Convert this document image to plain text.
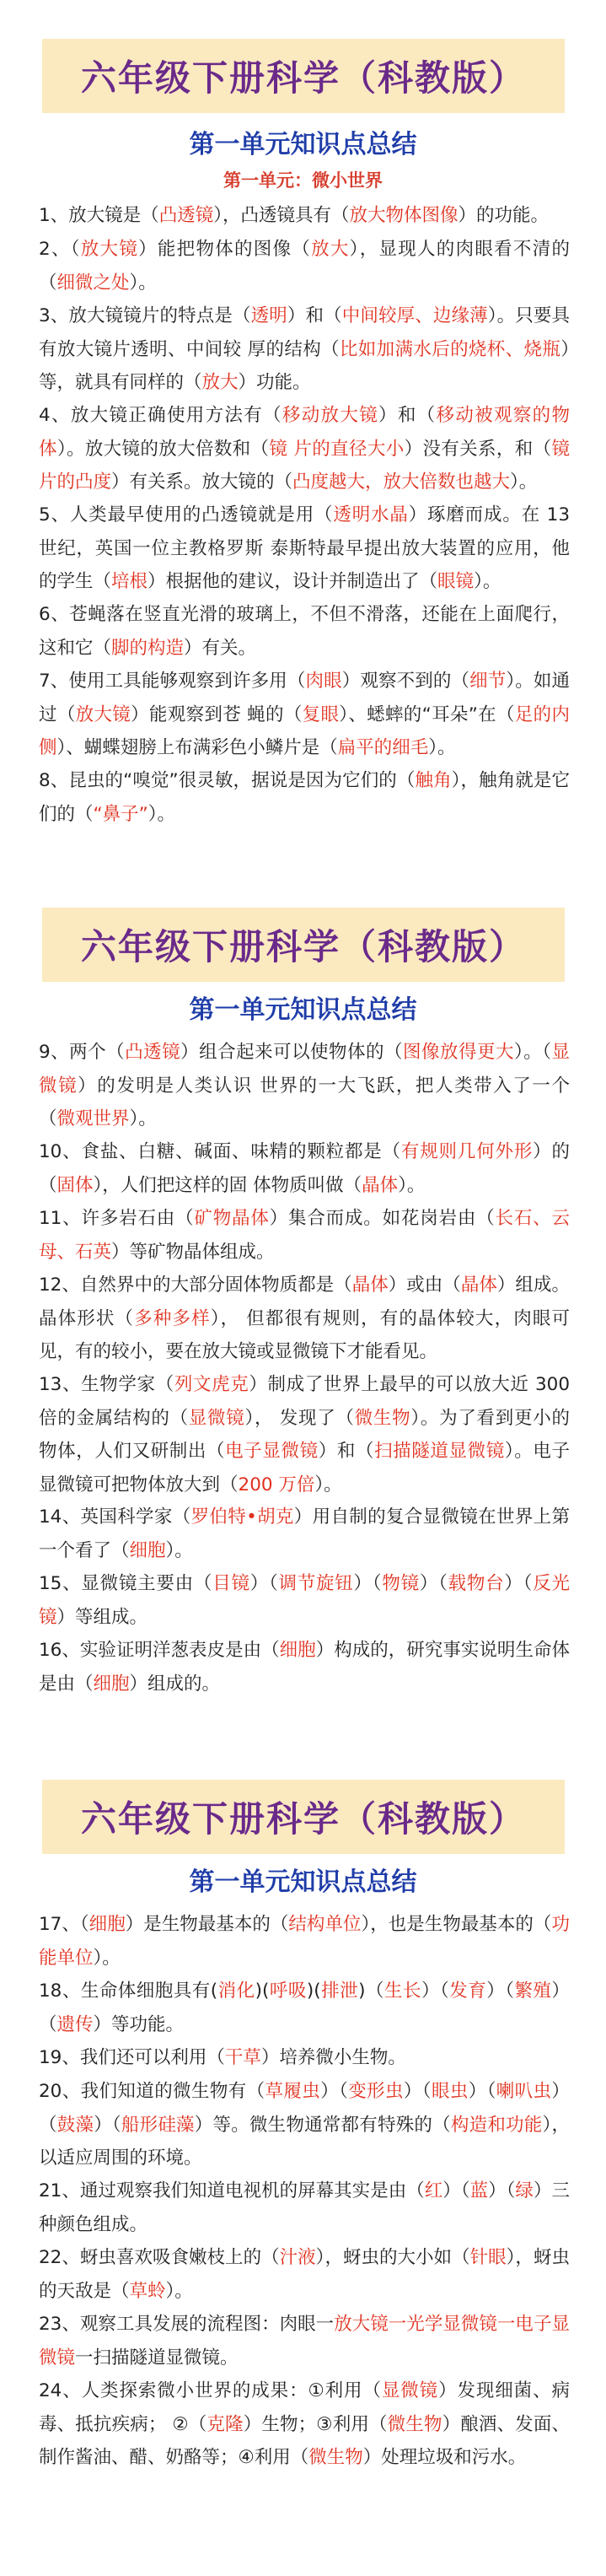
六年级下册科学（科教版）
第一单元知识点总结
第一单元：微小世界

1、放大镜是（凸透镜），凸透镜具有（放大物体图像）的功能。

2、（放大镜）能把物体的图像（放大），显现人的肉眼看不清的（细微之处）。

3、放大镜镜片的特点是（透明）和（中间较厚、边缘薄）。只要具有放大镜片透明、中间较 厚的结构（比如加满水后的烧杯、烧瓶）等，就具有同样的（放大）功能。

4、放大镜正确使用方法有（移动放大镜）和（移动被观察的物体）。放大镜的放大倍数和（镜 片的直径大小）没有关系，和（镜片的凸度）有关系。放大镜的（凸度越大，放大倍数也越大）。

5、人类最早使用的凸透镜就是用（透明水晶）琢磨而成。在 13 世纪，英国一位主教格罗斯 泰斯特最早提出放大装置的应用，他的学生（培根）根据他的建议，设计并制造出了（眼镜）。

6、苍蝇落在竖直光滑的玻璃上，不但不滑落，还能在上面爬行，这和它（脚的构造）有关。

7、使用工具能够观察到许多用（肉眼）观察不到的（细节）。如通过（放大镜）能观察到苍 蝇的（复眼）、蟋蟀的“耳朵”在（足的内侧）、蝴蝶翅膀上布满彩色小鳞片是（扁平的细毛）。

8、昆虫的“嗅觉”很灵敏，据说是因为它们的（触角），触角就是它们的（“鼻子”）。

六年级下册科学（科教版）
第一单元知识点总结

9、两个（凸透镜）组合起来可以使物体的（图像放得更大）。（显微镜）的发明是人类认识 世界的一大飞跃，把人类带入了一个（微观世界）。

10、食盐、白糖、碱面、味精的颗粒都是（有规则几何外形）的（固体），人们把这样的固 体物质叫做（晶体）。

11、许多岩石由（矿物晶体）集合而成。如花岗岩由（长石、云母、石英）等矿物晶体组成。

12、自然界中的大部分固体物质都是（晶体）或由（晶体）组成。晶体形状（多种多样）， 但都很有规则，有的晶体较大，肉眼可见，有的较小，要在放大镜或显微镜下才能看见。

13、生物学家（列文虎克）制成了世界上最早的可以放大近 300 倍的金属结构的（显微镜）， 发现了（微生物）。为了看到更小的物体，人们又研制出（电子显微镜）和（扫描隧道显微镜）。电子显微镜可把物体放大到（200 万倍）。

14、英国科学家（罗伯特•胡克）用自制的复合显微镜在世界上第一个看了（细胞）。

15、显微镜主要由（目镜）（调节旋钮）（物镜）（载物台）（反光镜）等组成。

16、实验证明洋葱表皮是由（细胞）构成的，研究事实说明生命体是由（细胞）组成的。

六年级下册科学（科教版）
第一单元知识点总结

17、（细胞）是生物最基本的（结构单位），也是生物最基本的（功能单位）。

18、生命体细胞具有(消化)(呼吸)(排泄)（生长）（发育）（繁殖）（遗传）等功能。

19、我们还可以利用（干草）培养微小生物。

20、我们知道的微生物有（草履虫）（变形虫）（眼虫）（喇叭虫）（鼓藻）（船形硅藻）等。微生物通常都有特殊的（构造和功能），以适应周围的环境。

21、通过观察我们知道电视机的屏幕其实是由（红）（蓝）（绿）三种颜色组成。

22、蚜虫喜欢吸食嫩枝上的（汁液），蚜虫的大小如（针眼），蚜虫的天敌是（草蛉）。

23、观察工具发展的流程图：肉眼一放大镜一光学显微镜一电子显微镜一扫描隧道显微镜。

24、人类探索微小世界的成果：①利用（显微镜）发现细菌、病毒、抵抗疾病； ②（克隆）生物；③利用（微生物）酿酒、发面、制作酱油、醋、奶酪等；④利用（微生物）处理垃圾和污水。
